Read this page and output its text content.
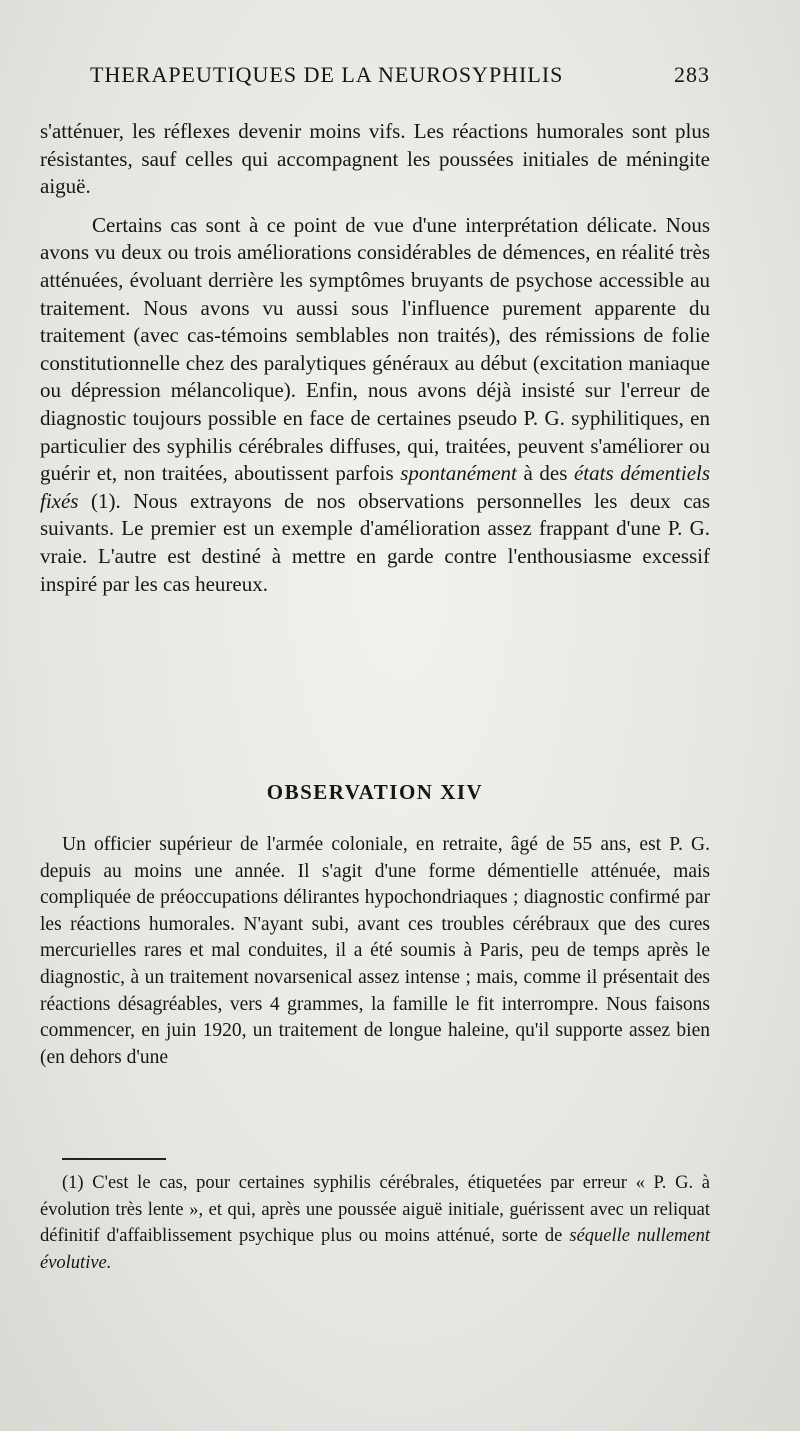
THERAPEUTIQUES DE LA NEUROSYPHILIS	283

s'atténuer, les réflexes devenir moins vifs. Les réactions humorales sont plus résistantes, sauf celles qui accompagnent les poussées initiales de méningite aiguë.

Certains cas sont à ce point de vue d'une interprétation délicate. Nous avons vu deux ou trois améliorations considérables de démences, en réalité très atténuées, évoluant derrière les symptômes bruyants de psychose accessible au traitement. Nous avons vu aussi sous l'influence purement apparente du traitement (avec cas-témoins semblables non traités), des rémissions de folie constitutionnelle chez des paralytiques généraux au début (excitation maniaque ou dépression mélancolique). Enfin, nous avons déjà insisté sur l'erreur de diagnostic toujours possible en face de certaines pseudo P. G. syphilitiques, en particulier des syphilis cérébrales diffuses, qui, traitées, peuvent s'améliorer ou guérir et, non traitées, aboutissent parfois spontanément à des états démentiels fixés (1). Nous extrayons de nos observations personnelles les deux cas suivants. Le premier est un exemple d'amélioration assez frappant d'une P. G. vraie. L'autre est destiné à mettre en garde contre l'enthousiasme excessif inspiré par les cas heureux.

OBSERVATION XIV
Un officier supérieur de l'armée coloniale, en retraite, âgé de 55 ans, est P. G. depuis au moins une année. Il s'agit d'une forme démentielle atténuée, mais compliquée de préoccupations délirantes hypochondriaques ; diagnostic confirmé par les réactions humorales. N'ayant subi, avant ces troubles cérébraux que des cures mercurielles rares et mal conduites, il a été soumis à Paris, peu de temps après le diagnostic, à un traitement novarsenical assez intense ; mais, comme il présentait des réactions désagréables, vers 4 grammes, la famille le fit interrompre. Nous faisons commencer, en juin 1920, un traitement de longue haleine, qu'il supporte assez bien (en dehors d'une
(1) C'est le cas, pour certaines syphilis cérébrales, étiquetées par erreur « P. G. à évolution très lente », et qui, après une poussée aiguë initiale, guérissent avec un reliquat définitif d'affaiblissement psychique plus ou moins atténué, sorte de séquelle nullement évolutive.
